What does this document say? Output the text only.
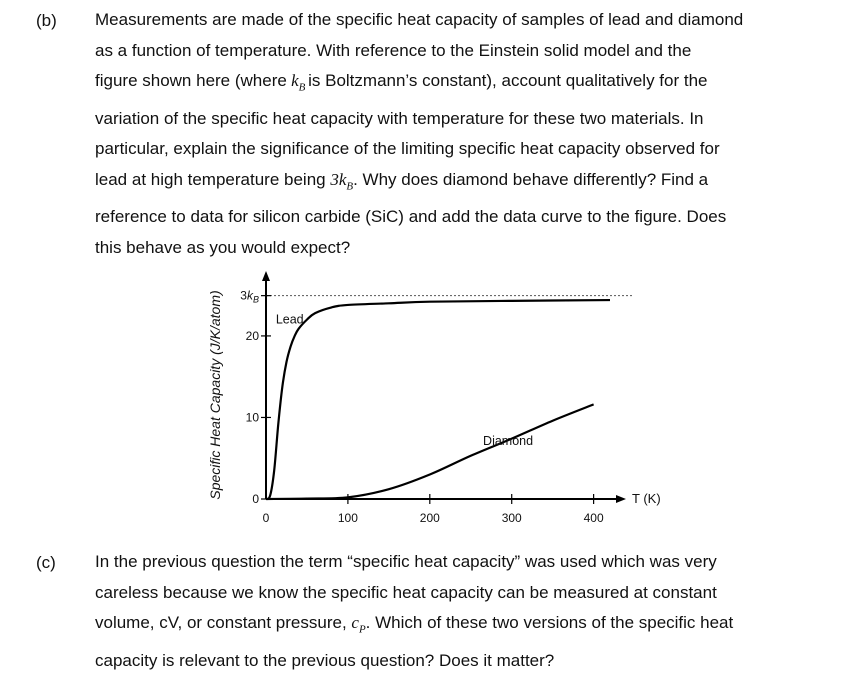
(b) Measurements are made of the specific heat capacity of samples of lead and diamond
as a function of temperature. With reference to the Einstein solid model and the
figure shown here (where $k_B$ is Boltzmann’s constant), account qualitatively for the
variation of the specific heat capacity with temperature for these two materials. In
particular, explain the significance of the limiting specific heat capacity observed for
lead at high temperature being $3k_B$. Why does diamond behave differently? Find a
reference to data for silicon carbide (SiC) and add the data curve to the figure. Does
this behave as you would expect?
0	100	200	300	400
0
10
20
$3k_B$
T (K)
Specific Heat Capacity (J/K/atom)	Lead
Diamond
(c) In the previous question the term “specific heat capacity” was used which was very
careless because we know the specific heat capacity can be measured at constant
volume, cV, or constant pressure, $c_P$. Which of these two versions of the specific heat
capacity is relevant to the previous question? Does it matter?
